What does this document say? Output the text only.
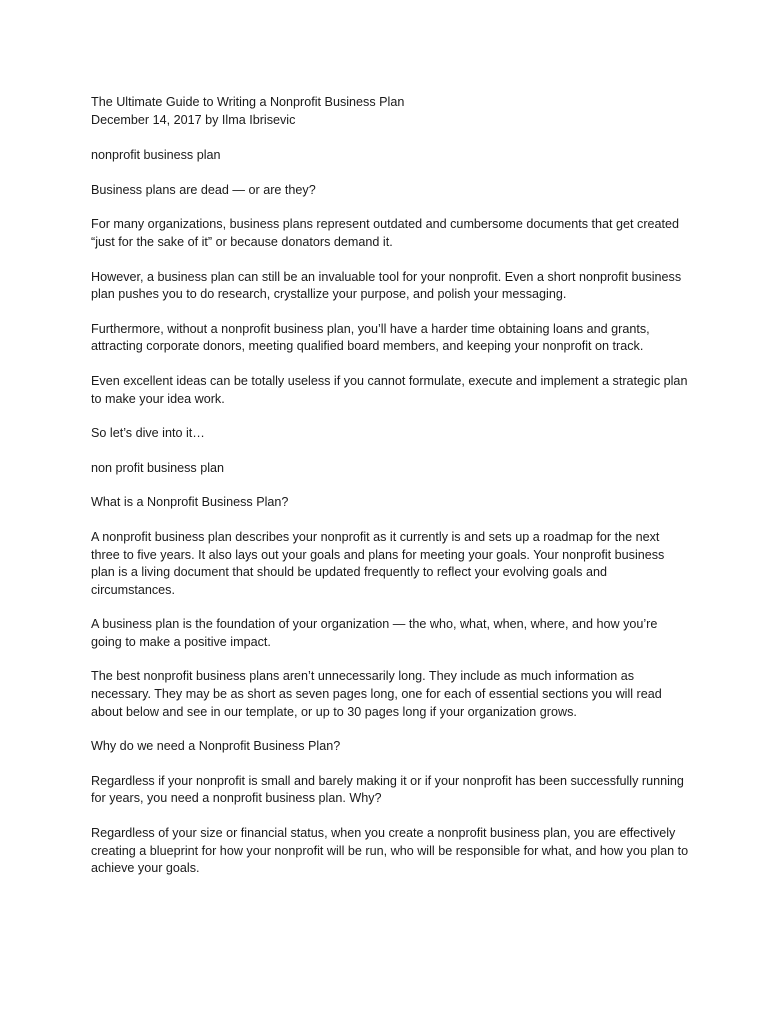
The Ultimate Guide to Writing a Nonprofit Business Plan

December 14, 2017 by Ilma Ibrisevic

nonprofit business plan

Business plans are dead — or are they?

For many organizations, business plans represent outdated and cumbersome documents that get created “just for the sake of it” or because donators demand it.

However, a business plan can still be an invaluable tool for your nonprofit. Even a short nonprofit business plan pushes you to do research, crystallize your purpose, and polish your messaging.

Furthermore, without a nonprofit business plan, you’ll have a harder time obtaining loans and grants, attracting corporate donors, meeting qualified board members, and keeping your nonprofit on track.

Even excellent ideas can be totally useless if you cannot formulate, execute and implement a strategic plan to make your idea work.

So let’s dive into it…

non profit business plan

What is a Nonprofit Business Plan?

A nonprofit business plan describes your nonprofit as it currently is and sets up a roadmap for the next three to five years. It also lays out your goals and plans for meeting your goals. Your nonprofit business plan is a living document that should be updated frequently to reflect your evolving goals and circumstances.

A business plan is the foundation of your organization — the who, what, when, where, and how you’re going to make a positive impact.

The best nonprofit business plans aren’t unnecessarily long. They include as much information as necessary. They may be as short as seven pages long, one for each of essential sections you will read about below and see in our template, or up to 30 pages long if your organization grows.

Why do we need a Nonprofit Business Plan?

Regardless if your nonprofit is small and barely making it or if your nonprofit has been successfully running for years, you need a nonprofit business plan. Why?

Regardless of your size or financial status, when you create a nonprofit business plan, you are effectively creating a blueprint for how your nonprofit will be run, who will be responsible for what, and how you plan to achieve your goals.
